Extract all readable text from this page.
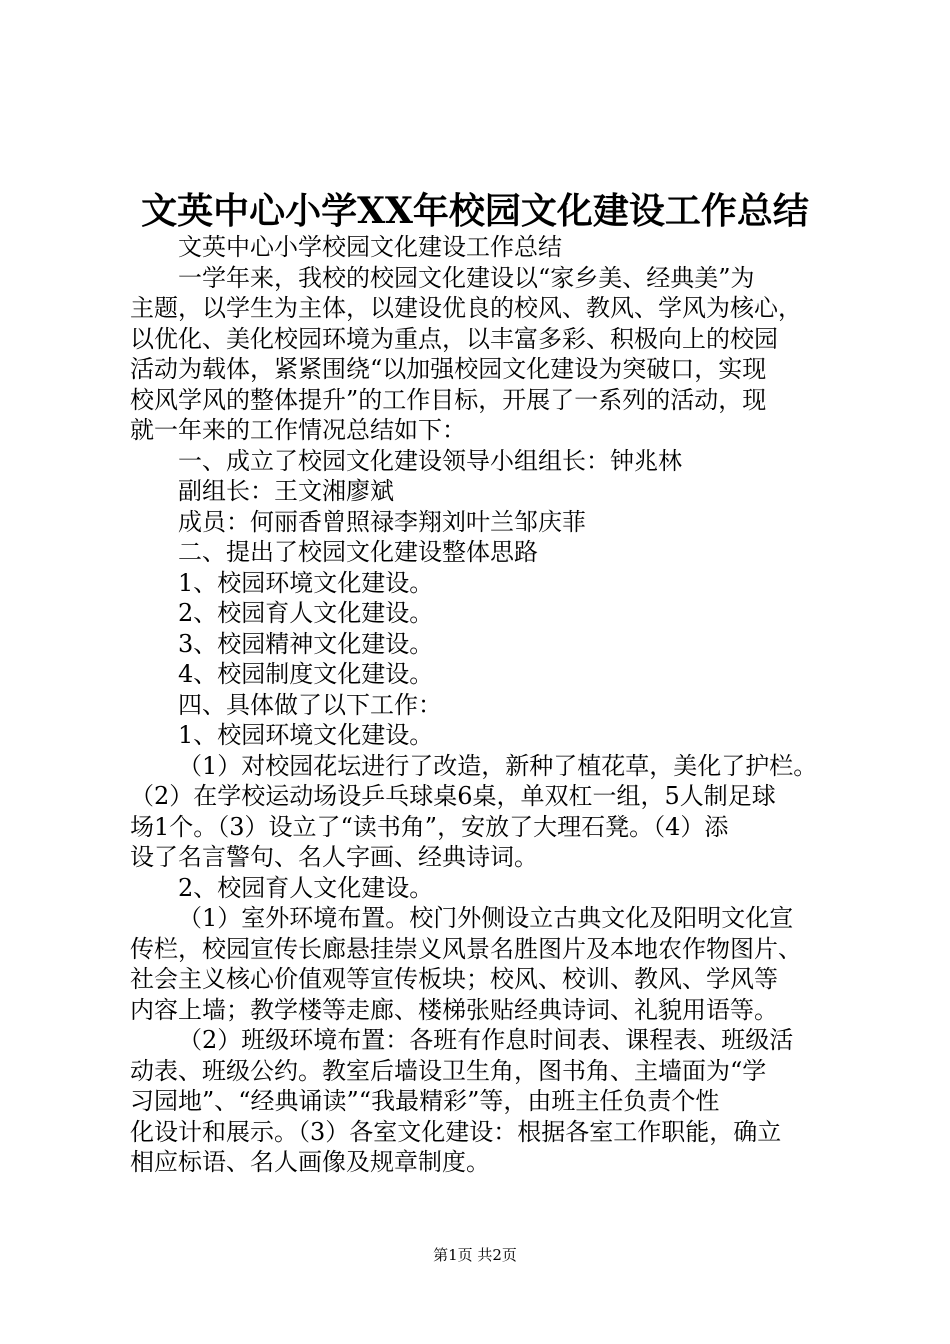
文英中心小学XX年校园文化建设工作总结

文英中心小学校园文化建设工作总结

一学年来，我校的校园文化建设以“家乡美、经典美”为

主题，以学生为主体，以建设优良的校风、教风、学风为核心，

以优化、美化校园环境为重点，以丰富多彩、积极向上的校园

活动为载体，紧紧围绕“以加强校园文化建设为突破口，实现

校风学风的整体提升”的工作目标，开展了一系列的活动，现

就一年来的工作情况总结如下：

一、成立了校园文化建设领导小组组长：钟兆林

副组长：王文湘廖斌

成员：何丽香曾照禄李翔刘叶兰邹庆菲

二、提出了校园文化建设整体思路

1、校园环境文化建设。

2、校园育人文化建设。

3、校园精神文化建设。

4、校园制度文化建设。

四、具体做了以下工作：

1、校园环境文化建设。

（1）对校园花坛进行了改造，新种了植花草，美化了护栏。

（2）在学校运动场设乒乓球桌6桌，单双杠一组，5人制足球

场1个。（3）设立了“读书角”，安放了大理石凳。（4）添

设了名言警句、名人字画、经典诗词。

2、校园育人文化建设。

（1）室外环境布置。校门外侧设立古典文化及阳明文化宣

传栏，校园宣传长廊悬挂崇义风景名胜图片及本地农作物图片、

社会主义核心价值观等宣传板块；校风、校训、教风、学风等

内容上墙；教学楼等走廊、楼梯张贴经典诗词、礼貌用语等。

（2）班级环境布置：各班有作息时间表、课程表、班级活

动表、班级公约。教室后墙设卫生角，图书角、主墙面为“学

习园地”、“经典诵读”“我最精彩”等，由班主任负责个性

化设计和展示。（3）各室文化建设：根据各室工作职能，确立

相应标语、名人画像及规章制度。

第1页 共2页
